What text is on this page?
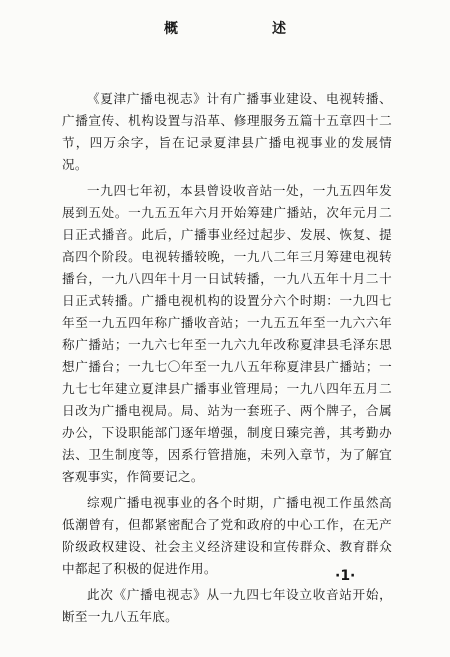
概　述

《夏津广播电视志》计有广播事业建设、电视转播、广播宣传、机构设置与沿革、修理服务五篇十五章四十二节，四万余字，旨在记录夏津县广播电视事业的发展情况。

一九四七年初，本县曾设收音站一处，一九五四年发展到五处。一九五五年六月开始筹建广播站，次年元月二日正式播音。此后，广播事业经过起步、发展、恢复、提高四个阶段。电视转播较晚，一九八二年三月筹建电视转播台，一九八四年十月一日试转播，一九八五年十月二十日正式转播。广播电视机构的设置分六个时期：一九四七年至一九五四年称广播收音站；一九五五年至一九六六年称广播站；一九六七年至一九六九年改称夏津县毛泽东思想广播台；一九七〇年至一九八五年称夏津县广播站；一九七七年建立夏津县广播事业管理局；一九八四年五月二日改为广播电视局。局、站为一套班子、两个牌子，合属办公，下设职能部门逐年增强，制度日臻完善，其考勤办法、卫生制度等，因系行管措施，未列入章节，为了解宜客观事实，作简要记之。

综观广播电视事业的各个时期，广播电视工作虽然高低潮曾有，但都紧密配合了党和政府的中心工作，在无产阶级政权建设、社会主义经济建设和宣传群众、教育群众中都起了积极的促进作用。

此次《广播电视志》从一九四七年设立收音站开始，断至一九八五年底。

·1·
